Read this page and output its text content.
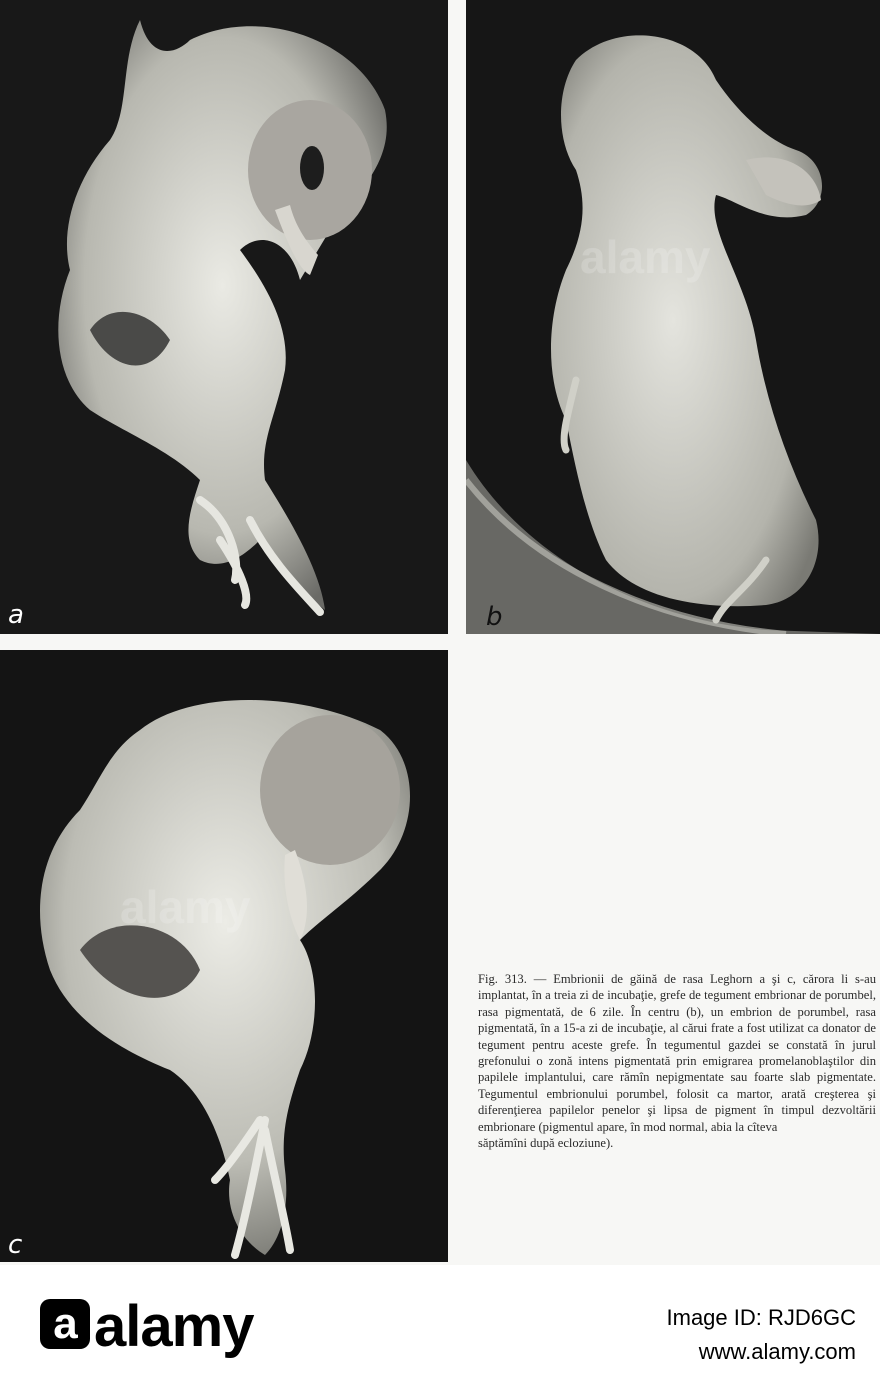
a	b
c
Fig. 313. — Embrionii de găină de rasa Leghorn a şi c, cărora li s-au implantat, în a treia zi de incubaţie, grefe de tegument embrionar de porumbel, rasa pigmentată, de 6 zile. În centru (b), un embrion de porumbel, rasa pigmentată, în a 15-a zi de incubaţie, al cărui frate a fost utilizat ca donator de tegument pentru aceste grefe. În tegumentul gazdei se constată în jurul grefonului o zonă intens pigmentată prin emigrarea promelanoblaştilor din papilele implantului, care rămîn nepigmentate sau foarte slab pigmentate. Tegumentul embrionului porumbel, folosit ca martor, arată creşterea şi diferenţierea papilelor penelor şi lipsa de pigment în timpul dezvoltării embrionare (pigmentul apare, în mod normal, abia la cîteva
săptămîni după ecloziune).
a alamy	Image ID: RJD6GC
www.alamy.com
